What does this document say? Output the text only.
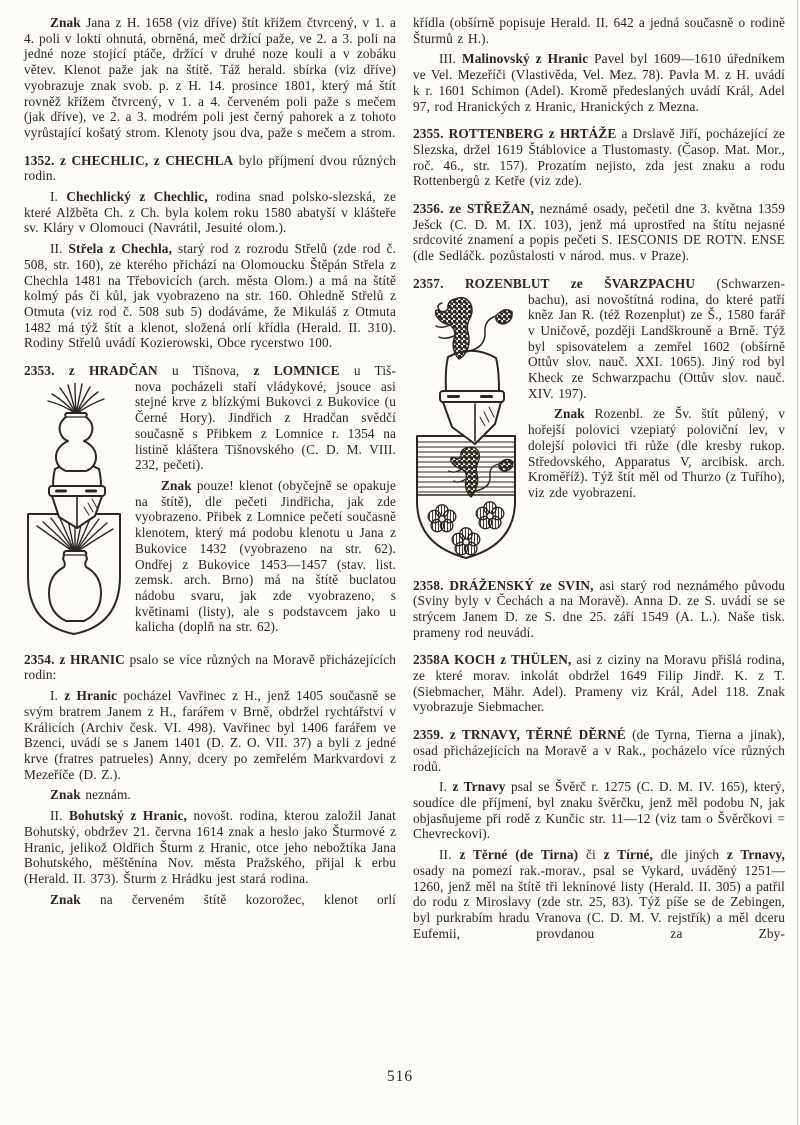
Znak Jana z H. 1658 (viz dříve) štít křížem čtvrcený, v 1. a 4. poli v lokti ohnutá, obrněná, meč držící paže, ve 2. a 3. poli na jedné noze stojící ptáče, držící v druhé noze kouli a v zobáku větev. Klenot paže jak na štítě. Táž herald. sbírka (viz dříve) vyobrazuje znak svob. p. z H. 14. prosince 1801, který má štít rovněž křížem čtvrcený, v 1. a 4. červeném poli paže s mečem (jak dříve), ve 2. a 3. modrém poli jest černý pahorek a z tohoto vyrůstající košatý strom. Klenoty jsou dva, paže s mečem a strom.

1352. z CHECHLIC, z CHECHLA bylo příjmení dvou různých rodin.

I. Chechlický z Chechlic, rodina snad polsko-slezská, ze které Alžběta Ch. z Ch. byla kolem roku 1580 abatyší v klášteře sv. Kláry v Olomouci (Navrátil, Jesuité olom.).

II. Střela z Chechla, starý rod z rozrodu Střelů (zde rod č. 508, str. 160), ze kterého přichází na Olomoucku Štěpán Střela z Chechla 1481 na Třebovicích (arch. města Olom.) a má na štítě kolmý pás či kůl, jak vyobrazeno na str. 160. Ohledně Střelů z Otmuta (viz rod č. 508 sub 5) dodáváme, že Mikuláš z Otmuta 1482 má týž štít a klenot, složená orlí křídla (Herald. II. 310). Rodiny Střelů uvádí Kozierowski, Obce rycerstwo 100.

2353. z HRADČAN u Tišnova, z LOMNICE u Tiš-

nova pocházeli staří vládykové, jsouce asi stejné krve z blízkými Bukovci z Bukovice (u Černé Hory). Jindřich z Hradčan svědčí současně s Přibkem z Lomnice r. 1354 na listině kláštera Tišnovského (C. D. M. VIII. 232, pečeti).

Znak pouze! klenot (obyčejně se opakuje na štítě), dle pečeti Jindřicha, jak zde vyobrazeno. Přibek z Lomnice pečetí současně klenotem, který má podobu klenotu u Jana z Bukovice 1432 (vyobrazeno na str. 62). Ondřej z Bukovice 1453—1457 (stav. list. zemsk. arch. Brno) má na štítě buclatou nádobu svaru, jak zde vyobrazeno, s květinami (listy), ale s podstavcem jako u kalicha (doplň na str. 62).

2354. z HRANIC psalo se více různých na Moravě přicházejících rodin:

I. z Hranic pocházel Vavřinec z H., jenž 1405 současně se svým bratrem Janem z H., farářem v Brně, obdržel rychtářství v Králicích (Archiv česk. VI. 498). Vavřinec byl 1406 farářem ve Bzenci, uvádí se s Janem 1401 (D. Z. O. VII. 37) a byli z jedné krve (fratres patrueles) Anny, dcery po zemřelém Markvardovi z Mezeříče (D. Z.).

Znak neznám.

II. Bohutský z Hranic, novošt. rodina, kterou založil Janat Bohutský, obdržev 21. června 1614 znak a heslo jako Šturmové z Hranic, jelikož Oldřich Šturm z Hranic, otce jeho nebožtíka Jana Bohutského, měštěnína Nov. města Pražského, přijal k erbu (Herald. II. 373). Šturm z Hrádku jest stará rodina.

Znak na červeném štítě kozorožec, klenot orlí

křídla (obšírně popisuje Herald. II. 642 a jedná současně o rodině Šturmů z H.).

III. Malinovský z Hranic Pavel byl 1609—1610 úředníkem ve Vel. Mezeříči (Vlastivěda, Vel. Mez. 78). Pavla M. z H. uvádí k r. 1601 Schimon (Adel). Kromě předeslaných uvádí Král, Adel 97, rod Hranických z Hranic, Hranických z Mezna.

2355. ROTTENBERG z HRTÁŽE a Drslavě Jiří, pocházející ze Slezska, držel 1619 Štáblovice a Tlustomasty. (Časop. Mat. Mor., roč. 46., str. 157). Prozatím nejisto, zda jest znaku a rodu Rottenbergů z Ketře (viz zde).

2356. ze STŘEŽAN, neznámé osady, pečetil dne 3. května 1359 Ješck (C. D. M. IX. 103), jenž má uprostřed na štítu nejasné srdcovité znamení a popis pečeti S. IESCONIS DE ROTN. ENSE (dle Sedláčk. pozůstalosti v národ. mus. v Praze).

2357. ROZENBLUT ze ŠVARZPACHU (Schwarzen-

bachu), asi novoštítná rodina, do které patří kněz Jan R. (též Rozenplut) ze Š., 1580 farář v Uničově, později Landškrouně a Brně. Týž byl spisovatelem a zemřel 1602 (obšírně Ottův slov. nauč. XXI. 1065). Jiný rod byl Kheck ze Schwarzpachu (Ottův slov. nauč. XIV. 197).

Znak Rozenbl. ze Šv. štít půlený, v hořejší polovici vzepiatý poloviční lev, v dolejší polovici tři růže (dle kresby rukop. Středovského, Apparatus V, arcibisk. arch. Kroměříž). Týž štít měl od Thurzo (z Tuřího), viz zde vyobrazení.

2358. DRÁŽENSKÝ ze SVIN, asi starý rod neznámého původu (Sviny byly v Čechách a na Moravě). Anna D. ze S. uvádí se se strýcem Janem D. ze S. dne 25. září 1549 (A. L.). Naše tisk. prameny rod neuvádí.

2358A KOCH z THÜLEN, asi z ciziny na Moravu přišlá rodina, ze které morav. inkolát obdržel 1649 Filip Jindř. K. z T. (Siebmacher, Mähr. Adel). Prameny viz Král, Adel 118. Znak vyobrazuje Siebmacher.

2359. z TRNAVY, TĚRNÉ DĚRNÉ (de Tyrna, Tierna a jinak), osad přicházejících na Moravě a v Rak., pocházelo více různých rodů.

I. z Trnavy psal se Švěrč r. 1275 (C. D. M. IV. 165), který, soudíce dle příjmení, byl znaku švěrčku, jenž měl podobu N, jak objasňujeme při rodě z Kunčic str. 11—12 (viz tam o Švěrčkovi = Chevreckovi).

II. z Těrné (de Tirna) či z Tírné, dle jiných z Trnavy, osady na pomezí rak.-morav., psal se Vykard, uváděný 1251—1260, jenž měl na štítě tři leknínové listy (Herald. II. 305) a patřil do rodu z Miroslavy (zde str. 25, 83). Týž píše se de Zebingen, byl purkrabím hradu Vranova (C. D. M. V. rejstřík) a měl dceru Eufemii, provdanou za Zby-

516
